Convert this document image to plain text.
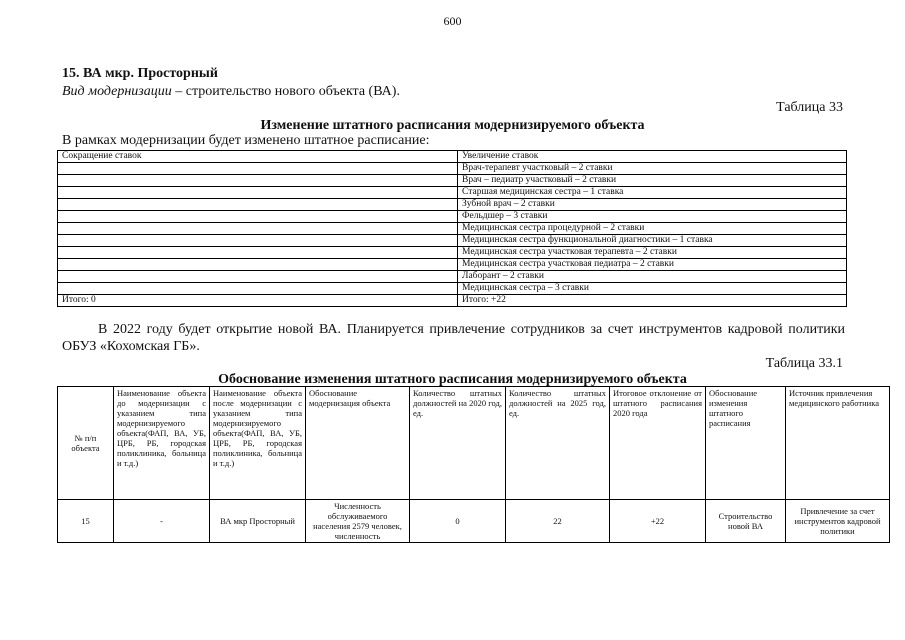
600
15. ВА мкр. Просторный
Вид модернизации – строительство нового объекта (ВА).
Таблица 33
Изменение штатного расписания модернизируемого объекта
В рамках модернизации будет изменено штатное расписание:
Сокращение ставок	Увеличение ставок
	Врач-терапевт участковый – 2 ставки
	Врач – педиатр участковый – 2 ставки
	Старшая медицинская сестра – 1 ставка
	Зубной врач – 2 ставки
	Фельдшер – 3 ставки
	Медицинская сестра процедурной – 2 ставки
	Медицинская сестра функциональной диагностики – 1 ставка
	Медицинская сестра участковая терапевта – 2 ставки
	Медицинская сестра участковая педиатра – 2 ставки
	Лаборант – 2 ставки
	Медицинская сестра – 3 ставки
Итого: 0	Итого: +22
В 2022 году будет открытие новой ВА. Планируется привлечение сотрудников за счет инструментов кадровой политики ОБУЗ «Кохомская ГБ».
Таблица 33.1
Обоснование изменения штатного расписания модернизируемого объекта
№ п/п объекта	Наименование объекта до модернизации с указанием типа модернизируемого объекта(ФАП, ВА, УБ, ЦРБ, РБ, городская поликлиника, больница и т.д.)	Наименование объекта после модернизации с указанием типа модернизируемого объекта(ФАП, ВА, УБ, ЦРБ, РБ, городская поликлиника, больница и т.д.)	Обоснование модернизация объекта	Количество штатных должностей на 2020 год, ед.	Количество штатных должностей на 2025 год, ед.	Итоговое отклонение от штатного расписания 2020 года	Обоснование изменения штатного расписания	Источник привлечения медицинского работника
15	-	ВА мкр Просторный	Численность обслуживаемого населения 2579 человек, численность	0	22	+22	Строительство новой ВА	Привлечение за счет инструментов кадровой политики
